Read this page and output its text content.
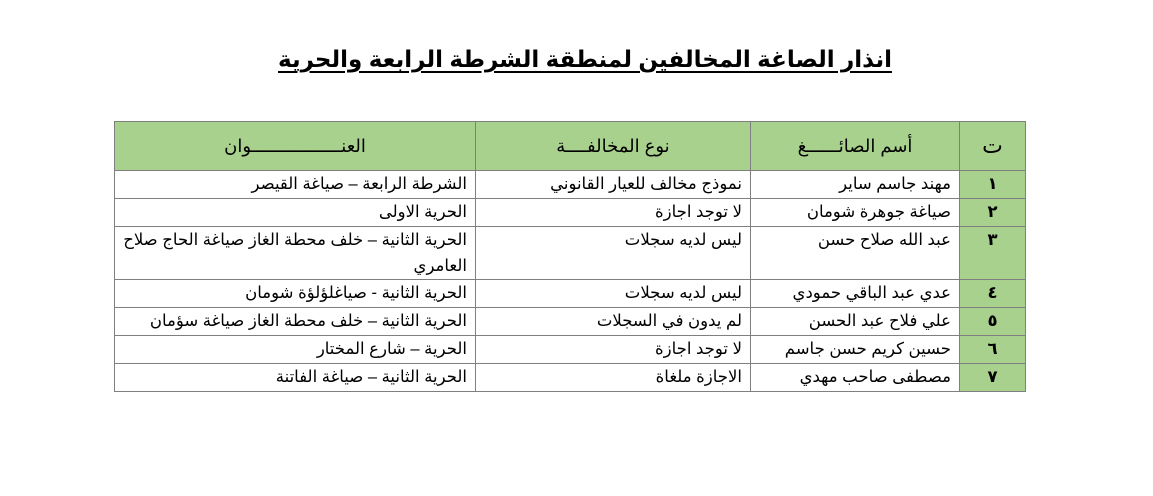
انذار الصاغة المخالفين لمنطقة الشرطة الرابعة والحرية
ت	أسم الصائــــــغ	نوع المخالفــــة	العنـــــــــــــــــوان
١	مهند جاسم ساير	نموذج مخالف للعيار القانوني	الشرطة الرابعة – صياغة القيصر
٢	صياغة جوهرة شومان	لا توجد اجازة	الحرية الاولى
٣	عبد الله صلاح حسن	ليس لديه سجلات	الحرية الثانية – خلف محطة الغاز صياغة الحاج صلاح العامري
٤	عدي عبد الباقي حمودي	ليس لديه سجلات	الحرية الثانية - صياغلؤلؤة شومان
٥	علي فلاح عبد الحسن	لم يدون في السجلات	الحرية الثانية – خلف محطة الغاز صياغة سؤمان
٦	حسين كريم حسن جاسم	لا توجد اجازة	الحرية – شارع المختار
٧	مصطفى صاحب مهدي	الاجازة ملغاة	الحرية الثانية – صياغة الفاتنة
